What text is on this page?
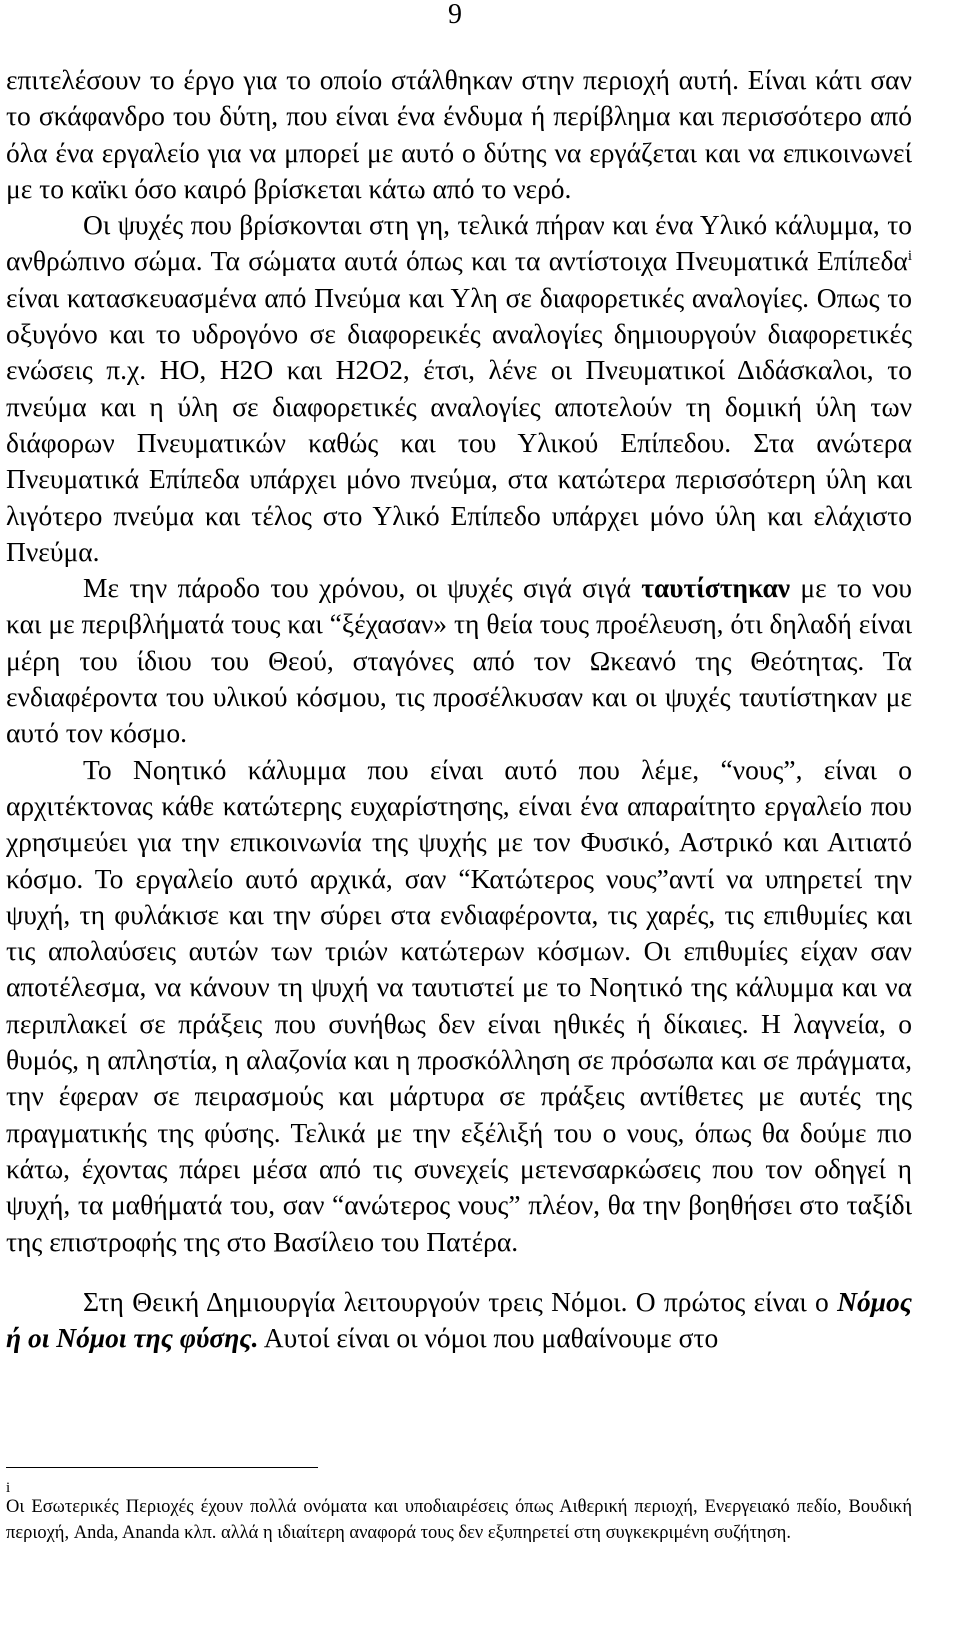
9

επιτελέσουν το έργο για το οποίο στάλθηκαν στην περιοχή αυτή. Είναι κάτι σαν το σκάφανδρο του δύτη, που είναι ένα ένδυμα ή περίβλημα και περισσότερο από όλα ένα εργαλείο για να μπορεί με αυτό ο δύτης να εργάζεται και να επικοινωνεί με το καϊκι όσο καιρό βρίσκεται κάτω από το νερό.

Οι ψυχές που βρίσκονται στη γη, τελικά πήραν και ένα Υλικό κάλυμμα, το ανθρώπινο σώμα. Τα σώματα αυτά όπως και τα αντίστοιχα Πνευματικά Επίπεδα$^i$ είναι κατασκευασμένα από Πνεύμα και Υλη σε διαφορετικές αναλογίες. Οπως το οξυγόνο και το υδρογόνο σε διαφορεικές αναλογίες δημιουργούν διαφορετικές ενώσεις π.χ. HO, H2O και H2O2, έτσι, λένε οι Πνευματικοί Διδάσκαλοι, το πνεύμα και η ύλη σε διαφορετικές αναλογίες αποτελούν τη δομική ύλη των διάφορων Πνευματικών καθώς και του Υλικού Επίπεδου. Στα ανώτερα Πνευματικά Επίπεδα υπάρχει μόνο πνεύμα, στα κατώτερα περισσότερη ύλη και λιγότερο πνεύμα και τέλος στο Υλικό Επίπεδο υπάρχει μόνο ύλη και ελάχιστο Πνεύμα.

Με την πάροδο του χρόνου, οι ψυχές σιγά σιγά ταυτίστηκαν με το νου και με περιβλήματά τους και “ξέχασαν» τη θεία τους προέλευση, ότι δηλαδή είναι μέρη του ίδιου του Θεού, σταγόνες από τον Ωκεανό της Θεότητας. Τα ενδιαφέροντα του υλικού κόσμου, τις προσέλκυσαν και οι ψυχές ταυτίστηκαν με αυτό τον κόσμο.

Το Νοητικό κάλυμμα που είναι αυτό που λέμε, “νους”, είναι ο αρχιτέκτονας κάθε κατώτερης ευχαρίστησης, είναι ένα απαραίτητο εργαλείο που χρησιμεύει για την επικοινωνία της ψυχής με τον Φυσικό, Αστρικό και Αιτιατό κόσμο. Το εργαλείο αυτό αρχικά, σαν “Κατώτερος νους”αντί να υπηρετεί την ψυχή, τη φυλάκισε και την σύρει στα ενδιαφέροντα, τις χαρές, τις επιθυμίες και τις απολαύσεις αυτών των τριών κατώτερων κόσμων. Οι επιθυμίες είχαν σαν αποτέλεσμα, να κάνουν τη ψυχή να ταυτιστεί με το Νοητικό της κάλυμμα και να περιπλακεί σε πράξεις που συνήθως δεν είναι ηθικές ή δίκαιες. Η λαγνεία, ο θυμός, η απληστία, η αλαζονία και η προσκόλληση σε πρόσωπα και σε πράγματα, την έφεραν σε πειρασμούς και μάρτυρα σε πράξεις αντίθετες με αυτές της πραγματικής της φύσης. Τελικά με την εξέλιξή του ο νους, όπως θα δούμε πιο κάτω, έχοντας πάρει μέσα από τις συνεχείς μετενσαρκώσεις που τον οδηγεί η ψυχή, τα μαθήματά του, σαν “ανώτερος νους” πλέον, θα την βοηθήσει στο ταξίδι της επιστροφής της στο Βασίλειο του Πατέρα.

Στη Θεική Δημιουργία λειτουργούν τρεις Νόμοι. Ο πρώτος είναι ο Νόμος ή οι Νόμοι της φύσης. Αυτοί είναι οι νόμοι που μαθαίνουμε στο

i
Οι Εσωτερικές Περιοχές έχουν πολλά ονόματα και υποδιαιρέσεις όπως Αιθερική περιοχή, Ενεργειακό πεδίο, Βουδική περιοχή, Anda, Ananda κλπ. αλλά η ιδιαίτερη αναφορά τους δεν εξυπηρετεί στη συγκεκριμένη συζήτηση.
